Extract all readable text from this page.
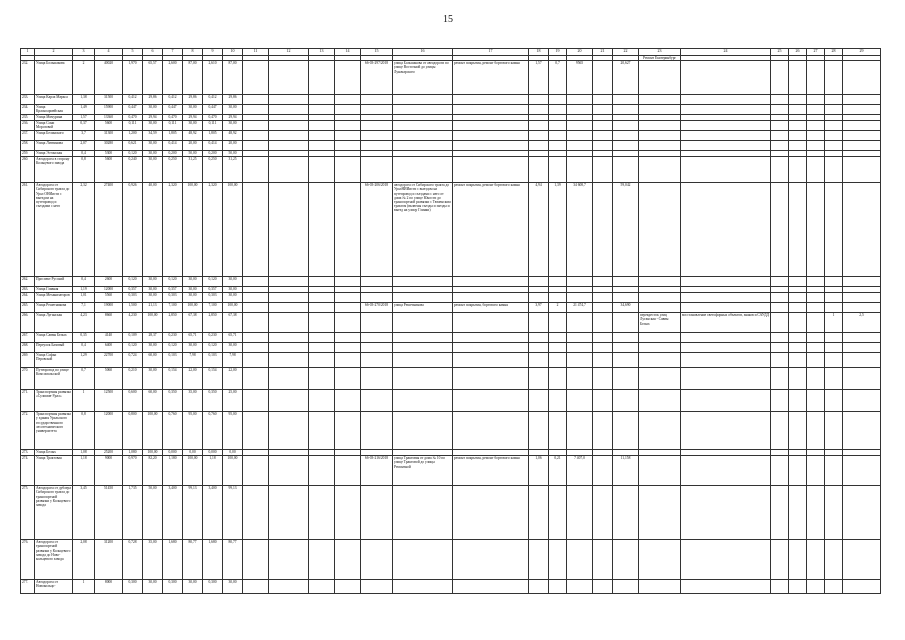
15
1	2	3	4	5	6	7	8	9	10	11	12	13	14	15	16	17	18	19	20	21	22	23	24	25	26	27	28	29
																						Ремонт Екатеринбург						
232.	Улица Большакова	2	40020	1,970	65,57	2,600	87,00	2,610	87,00					66-03-297/2018	улица Большакова от автодороги по улице Восточной до улицы Луначарского	ремонт покрытия, ремонт бортового камня	1,57	0,7	9565		20,627							
233.	Улица Карла Маркса	1,38	31500	0,412	29,86	0,412	29,86	0,412	29,86																			
234.	Улица Красноармейская	1,49	15900	0,447	30,00	0,447	30,00	0,447	30,00																			
235.	Улица Мичурина	1,57	13360	0,470	29,94	0,470	29,94	0,470	29,94																			
236.	Улица Сони Морозовой	0,37	5600	0,111	30,00	0,111	30,00	0,111	30,00																			
237.	Улица Белинского	3,7	31300	1,200	34,59	1,805	48,92	1,805	48,92																			
258.	Улица Литвинова	2,07	30280	0,621	30,00	0,414	20,00	0,414	20,00																			
259.	Улица Эстонская	0,4	5300	0,120	30,00	0,200	50,00	0,200	50,00																			
260.	Автодорога в сторону Кольцевого завода	0,8	5600	0,240	30,00	0,250	31,25	0,250	31,25																			
261.	Автодорога от Сибирского тракта до Урал ОНИисти с выездом на путепровод и съездами с него	2,32	27400	0,926	40,00	2,320	100,00	2,320	100,00					66-03-206/2018	автодорога от Сибирского тракта до УралНИИисти с выездом на путепровод и съездами с него от дома № 2 по улице Юности до транспортной развязки с Тюменским трактом (включая съезды и заезды и выезд на улицу Глинки)	ремонт покрытия, ремонт бортового камня	4,94	1,39	34 608,7		59,042							
262.	Проспект Русский	0,4	2600	0,120	30,00	0,120	30,00	0,120	30,00																			
263.	Улица Главная	1,19	12000	0,357	30,00	0,357	30,00	0,357	30,00																			
264.	Улица Механизаторов	1,01	5560	0,303	30,00	0,303	30,00	0,303	30,00																			
265.	Улица Решетникова	7,1	19000	1,500	21,13	7,100	100,00	7,100	100,00					66-03-270/2018	улица Решетникова	ремонт покрытия, бортового камня	3,97	2	21 474,7		34,690							
266.	Улица Луганская	4,23	8660	4,230	100,00	2,850	67,38	2,850	67,38													перекресток улиц Луганская - Саввы Белых	восстановление светофорных объектов, знаков и САУДД				1	2,5
267.	Улица Саввы Белых	0,35	4140	0,109	28,37	0,230	65,71	0,230	65,71																			
268.	Переулок Базовый	0,4	6400	0,120	30,00	0,120	30,00	0,120	30,00																			
269.	Улица Софьи Перовской	1,29	22700	0,724	60,00	0,103	7,98	0,103	7,98																			
270.	Путепровод по улице Комсомольской	0,7	5060	0,210	30,00	0,154	22,00	0,154	22,00																			
271.	Транспортная развязка «Сулимов-Урал»	1	12500	0,600	60,00	0,350	35,00	0,350	25,00																			
272.	Транспортная развязка у здания Уральского государственного лесотехнического университета	0,8	12000	0,800	100,00	0,760	95,00	0,760	95,00																			
273.	Улица Белых	1,08	25200	1,080	100,00	0,000	0,00	0,000	0,00																			
274.	Улица Трактовая	1,18	9000	0,970	82,20	1,180	100,00	1,18	100,00					66-03-216/2018	улица Трактовая от дома № 10 по улице Трактовой до улицы Ремонтной	ремонт покрытия, ремонт бортового камня	1,06	0,21	7 407,0		11,158							
275.	Автодорога от дублера Сибирского тракта до транспортной развязки у Кольцевого завода	3,45	51450	1,735	50,00	3,400	99,13	3,400	99,13																			
276.	Автодорога от транспортной развязки у Кольцевого завода до Ново-кольцевого завода	2,08	31200	0,728	35,00	1,680	80,77	1,680	80,77																			
277.	Автодорога от Новокольцо-	1	8000	0,300	30,00	0,300	30,00	0,300	30,00																			
